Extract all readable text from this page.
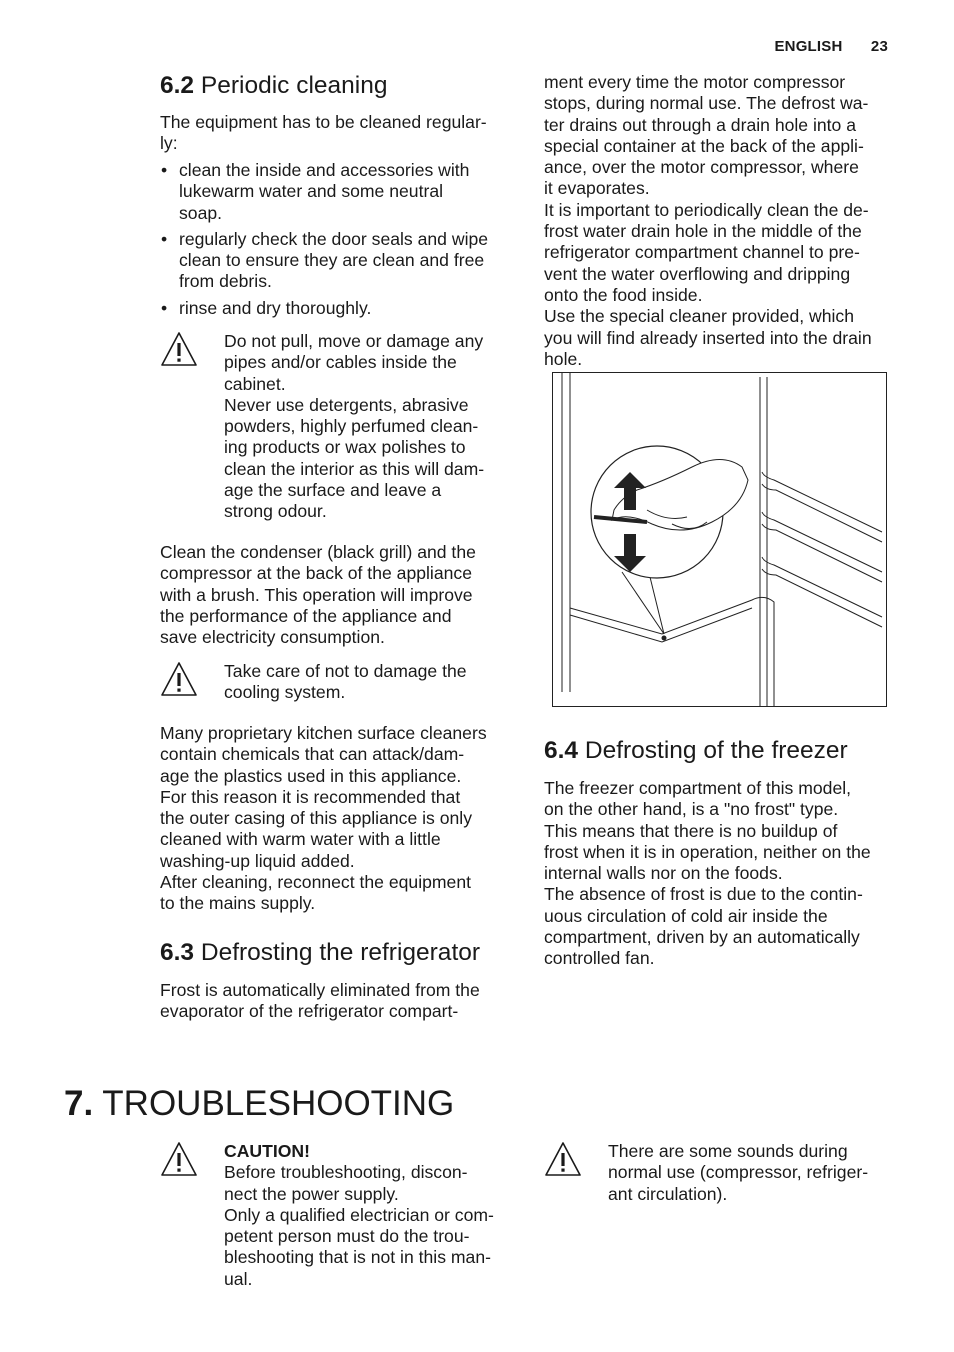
ENGLISH 23
6.2 Periodic cleaning

The equipment has to be cleaned regular-
ly:

• clean the inside and accessories with
lukewarm water and some neutral
soap.
• regularly check the door seals and wipe
clean to ensure they are clean and free
from debris.
• rinse and dry thoroughly.

Do not pull, move or damage any
pipes and/or cables inside the
cabinet.

Never use detergents, abrasive
powders, highly perfumed clean-
ing products or wax polishes to
clean the interior as this will dam-
age the surface and leave a
strong odour.

Clean the condenser (black grill) and the
compressor at the back of the appliance
with a brush. This operation will improve
the performance of the appliance and
save electricity consumption.

Take care of not to damage the
cooling system.

Many proprietary kitchen surface cleaners
contain chemicals that can attack/dam-
age the plastics used in this appliance.
For this reason it is recommended that
the outer casing of this appliance is only
cleaned with warm water with a little
washing-up liquid added.
After cleaning, reconnect the equipment
to the mains supply.

6.3 Defrosting the refrigerator

Frost is automatically eliminated from the
evaporator of the refrigerator compart-

ment every time the motor compressor
stops, during normal use. The defrost wa-
ter drains out through a drain hole into a
special container at the back of the appli-
ance, over the motor compressor, where
it evaporates.
It is important to periodically clean the de-
frost water drain hole in the middle of the
refrigerator compartment channel to pre-
vent the water overflowing and dripping
onto the food inside.
Use the special cleaner provided, which
you will find already inserted into the drain
hole.

6.4 Defrosting of the freezer

The freezer compartment of this model,
on the other hand, is a "no frost" type.
This means that there is no buildup of
frost when it is in operation, neither on the
internal walls nor on the foods.
The absence of frost is due to the contin-
uous circulation of cold air inside the
compartment, driven by an automatically
controlled fan.

7. TROUBLESHOOTING

CAUTION!

Before troubleshooting, discon-
nect the power supply.
Only a qualified electrician or com-
petent person must do the trou-
bleshooting that is not in this man-
ual.

There are some sounds during
normal use (compressor, refriger-
ant circulation).
